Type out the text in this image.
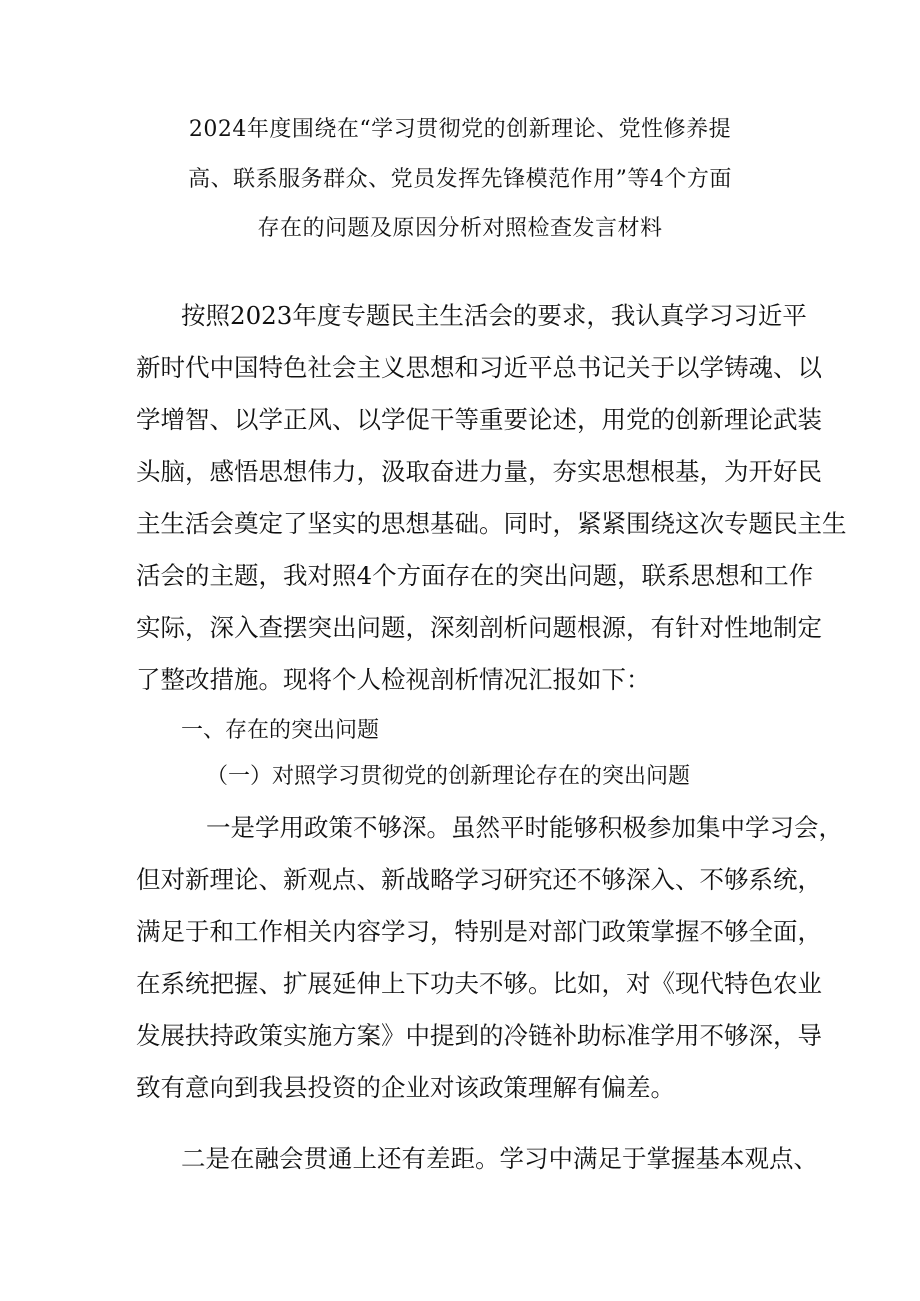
2024年度围绕在“学习贯彻党的创新理论、党性修养提
高、联系服务群众、党员发挥先锋模范作用”等4个方面
存在的问题及原因分析对照检查发言材料
按照2023年度专题民主生活会的要求，我认真学习习近平
新时代中国特色社会主义思想和习近平总书记关于以学铸魂、以
学增智、以学正风、以学促干等重要论述，用党的创新理论武装
头脑，感悟思想伟力，汲取奋进力量，夯实思想根基，为开好民
主生活会奠定了坚实的思想基础。同时，紧紧围绕这次专题民主生
活会的主题，我对照4个方面存在的突出问题，联系思想和工作
实际，深入查摆突出问题，深刻剖析问题根源，有针对性地制定
了整改措施。现将个人检视剖析情况汇报如下：
一、存在的突出问题
（一）对照学习贯彻党的创新理论存在的突出问题
一是学用政策不够深。虽然平时能够积极参加集中学习会，
但对新理论、新观点、新战略学习研究还不够深入、不够系统，
满足于和工作相关内容学习，特别是对部门政策掌握不够全面，
在系统把握、扩展延伸上下功夫不够。比如，对《现代特色农业
发展扶持政策实施方案》中提到的冷链补助标准学用不够深，导
致有意向到我县投资的企业对该政策理解有偏差。
二是在融会贯通上还有差距。学习中满足于掌握基本观点、
